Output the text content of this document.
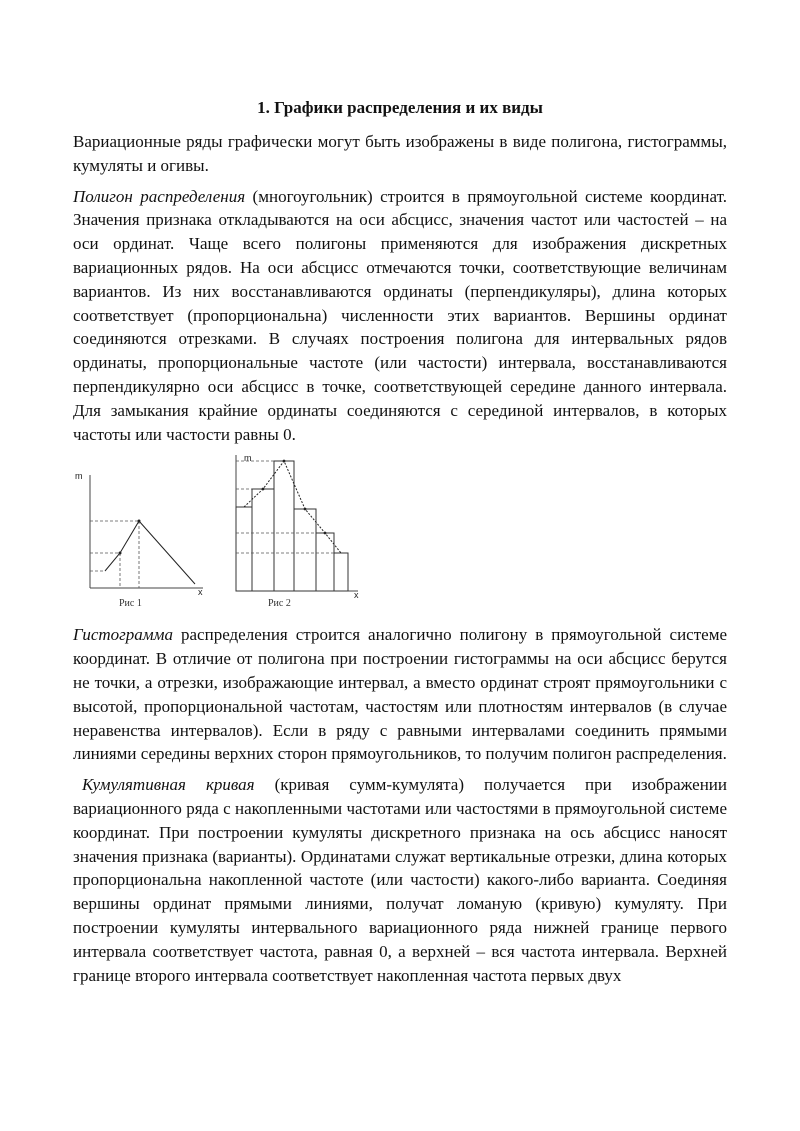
1. Графики распределения и их виды

Вариационные ряды графически могут быть изображены в виде полигона, гистограммы, кумуляты и огивы.

Полигон распределения (многоугольник) строится в прямоугольной системе координат. Значения признака откладываются на оси абсцисс, значения частот или частостей – на оси ординат. Чаще всего полигоны применяются для изображения дискретных вариационных рядов. На оси абсцисс отмечаются точки, соответствующие величинам вариантов. Из них восстанавливаются ординаты (перпендикуляры), длина которых соответствует (пропорциональна) численности этих вариантов. Вершины ординат соединяются отрезками. В случаях построения полигона для интервальных рядов ординаты, пропорциональные частоте (или частости) интервала, восстанавливаются перпендикулярно оси абсцисс в точке, соответствующей середине данного интервала. Для замыкания крайние ординаты соединяются с серединой интервалов, в которых частоты или частости равны 0.

m
x
Рис 1
m
x
Рис 2

Гистограмма распределения строится аналогично полигону в прямоугольной системе координат. В отличие от полигона при построении гистограммы на оси абсцисс берутся не точки, а отрезки, изображающие интервал, а вместо ординат строят прямоугольники с высотой, пропорциональной частотам, частостям или плотностям интервалов (в случае неравенства интервалов). Если в ряду с равными интервалами соединить прямыми линиями середины верхних сторон прямоугольников, то получим полигон распределения.

Кумулятивная кривая (кривая сумм-кумулята) получается при изображении вариационного ряда с накопленными частотами или частостями в прямоугольной системе координат. При построении кумуляты дискретного признака на ось абсцисс наносят значения признака (варианты). Ординатами служат вертикальные отрезки, длина которых пропорциональна накопленной частоте (или частости) какого-либо варианта. Соединяя вершины ординат прямыми линиями, получат ломаную (кривую) кумуляту. При построении кумуляты интервального вариационного ряда нижней границе первого интервала соответствует частота, равная 0, а верхней – вся частота интервала. Верхней границе второго интервала соответствует накопленная частота первых двух
